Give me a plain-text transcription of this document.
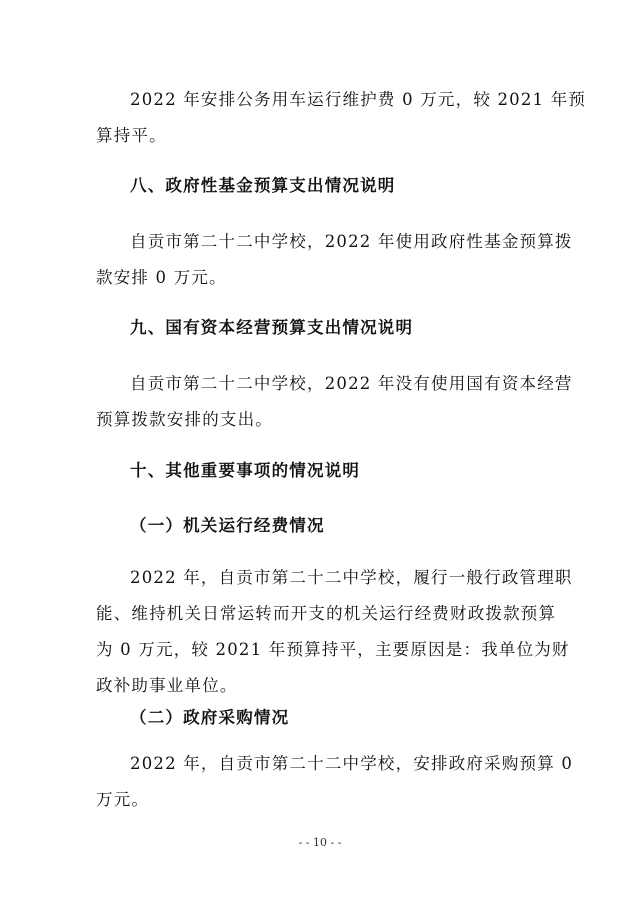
2022 年安排公务用车运行维护费 0 万元，较 2021 年预
算持平。

八、政府性基金预算支出情况说明

自贡市第二十二中学校，2022 年使用政府性基金预算拨
款安排 0 万元。

九、国有资本经营预算支出情况说明

自贡市第二十二中学校，2022 年没有使用国有资本经营
预算拨款安排的支出。

十、其他重要事项的情况说明
（一）机关运行经费情况

2022 年，自贡市第二十二中学校，履行一般行政管理职
能、维持机关日常运转而开支的机关运行经费财政拨款预算
为 0 万元，较 2021 年预算持平，主要原因是：我单位为财
政补助事业单位。

（二）政府采购情况

2022 年，自贡市第二十二中学校，安排政府采购预算 0
万元。

- - 10 - -
